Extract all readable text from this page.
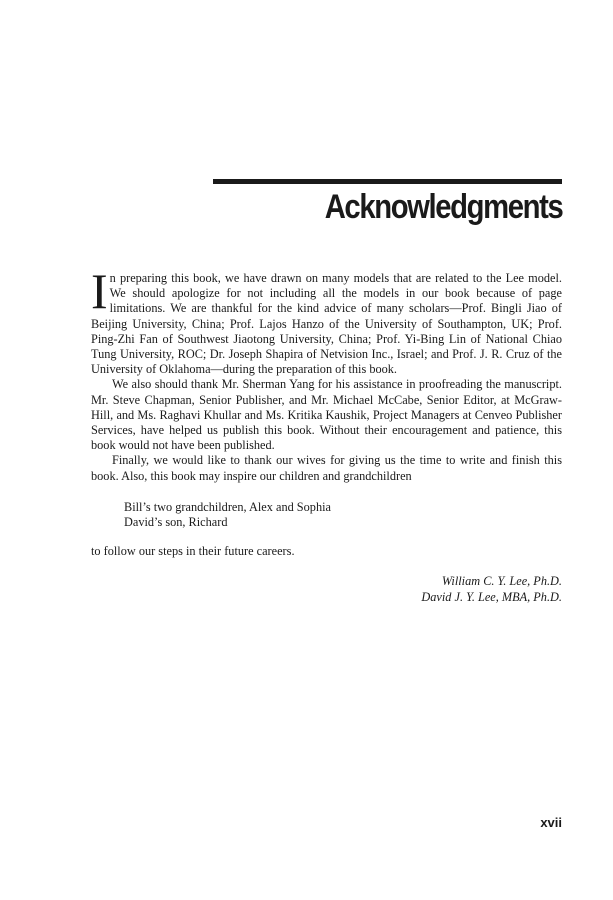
Acknowledgments

In preparing this book, we have drawn on many models that are related to the Lee model. We should apologize for not including all the models in our book because of page limitations. We are thankful for the kind advice of many scholars—Prof. Bingli Jiao of Beijing University, China; Prof. Lajos Hanzo of the University of Southampton, UK; Prof. Ping-Zhi Fan of Southwest Jiaotong University, China; Prof. Yi-Bing Lin of National Chiao Tung University, ROC; Dr. Joseph Shapira of Netvision Inc., Israel; and Prof. J. R. Cruz of the University of Oklahoma—during the preparation of this book.

We also should thank Mr. Sherman Yang for his assistance in proofreading the manuscript. Mr. Steve Chapman, Senior Publisher, and Mr. Michael McCabe, Senior Editor, at McGraw-Hill, and Ms. Raghavi Khullar and Ms. Kritika Kaushik, Project Managers at Cenveo Publisher Services, have helped us publish this book. Without their encouragement and patience, this book would not have been published.

Finally, we would like to thank our wives for giving us the time to write and finish this book. Also, this book may inspire our children and grandchildren

Bill’s two grandchildren, Alex and Sophia
David’s son, Richard

to follow our steps in their future careers.

William C. Y. Lee, Ph.D.
David J. Y. Lee, MBA, Ph.D.
xvii
